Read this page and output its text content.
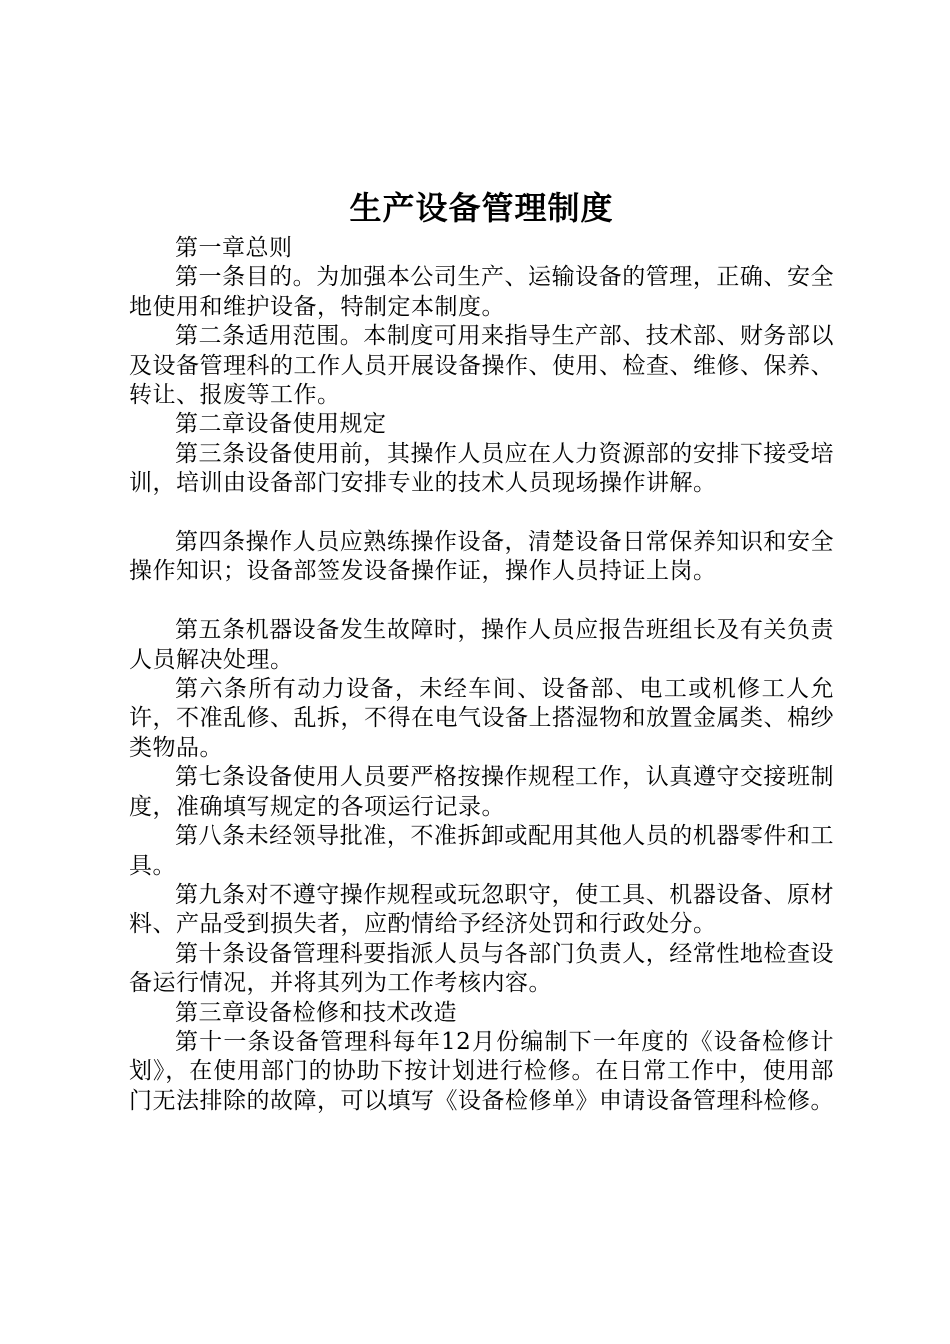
生产设备管理制度

第一章总则

第一条目的。为加强本公司生产、运输设备的管理，正确、安全地使用和维护设备，特制定本制度。

第二条适用范围。本制度可用来指导生产部、技术部、财务部以及设备管理科的工作人员开展设备操作、使用、检查、维修、保养、转让、报废等工作。

第二章设备使用规定

第三条设备使用前，其操作人员应在人力资源部的安排下接受培训，培训由设备部门安排专业的技术人员现场操作讲解。

第四条操作人员应熟练操作设备，清楚设备日常保养知识和安全操作知识；设备部签发设备操作证，操作人员持证上岗。

第五条机器设备发生故障时，操作人员应报告班组长及有关负责人员解决处理。

第六条所有动力设备，未经车间、设备部、电工或机修工人允许，不准乱修、乱拆，不得在电气设备上搭湿物和放置金属类、棉纱类物品。

第七条设备使用人员要严格按操作规程工作，认真遵守交接班制度，准确填写规定的各项运行记录。

第八条未经领导批准，不准拆卸或配用其他人员的机器零件和工具。

第九条对不遵守操作规程或玩忽职守，使工具、机器设备、原材料、产品受到损失者，应酌情给予经济处罚和行政处分。

第十条设备管理科要指派人员与各部门负责人，经常性地检查设备运行情况，并将其列为工作考核内容。

第三章设备检修和技术改造

第十一条设备管理科每年12月份编制下一年度的《设备检修计划》，在使用部门的协助下按计划进行检修。在日常工作中，使用部门无法排除的故障，可以填写《设备检修单》申请设备管理科检修。
